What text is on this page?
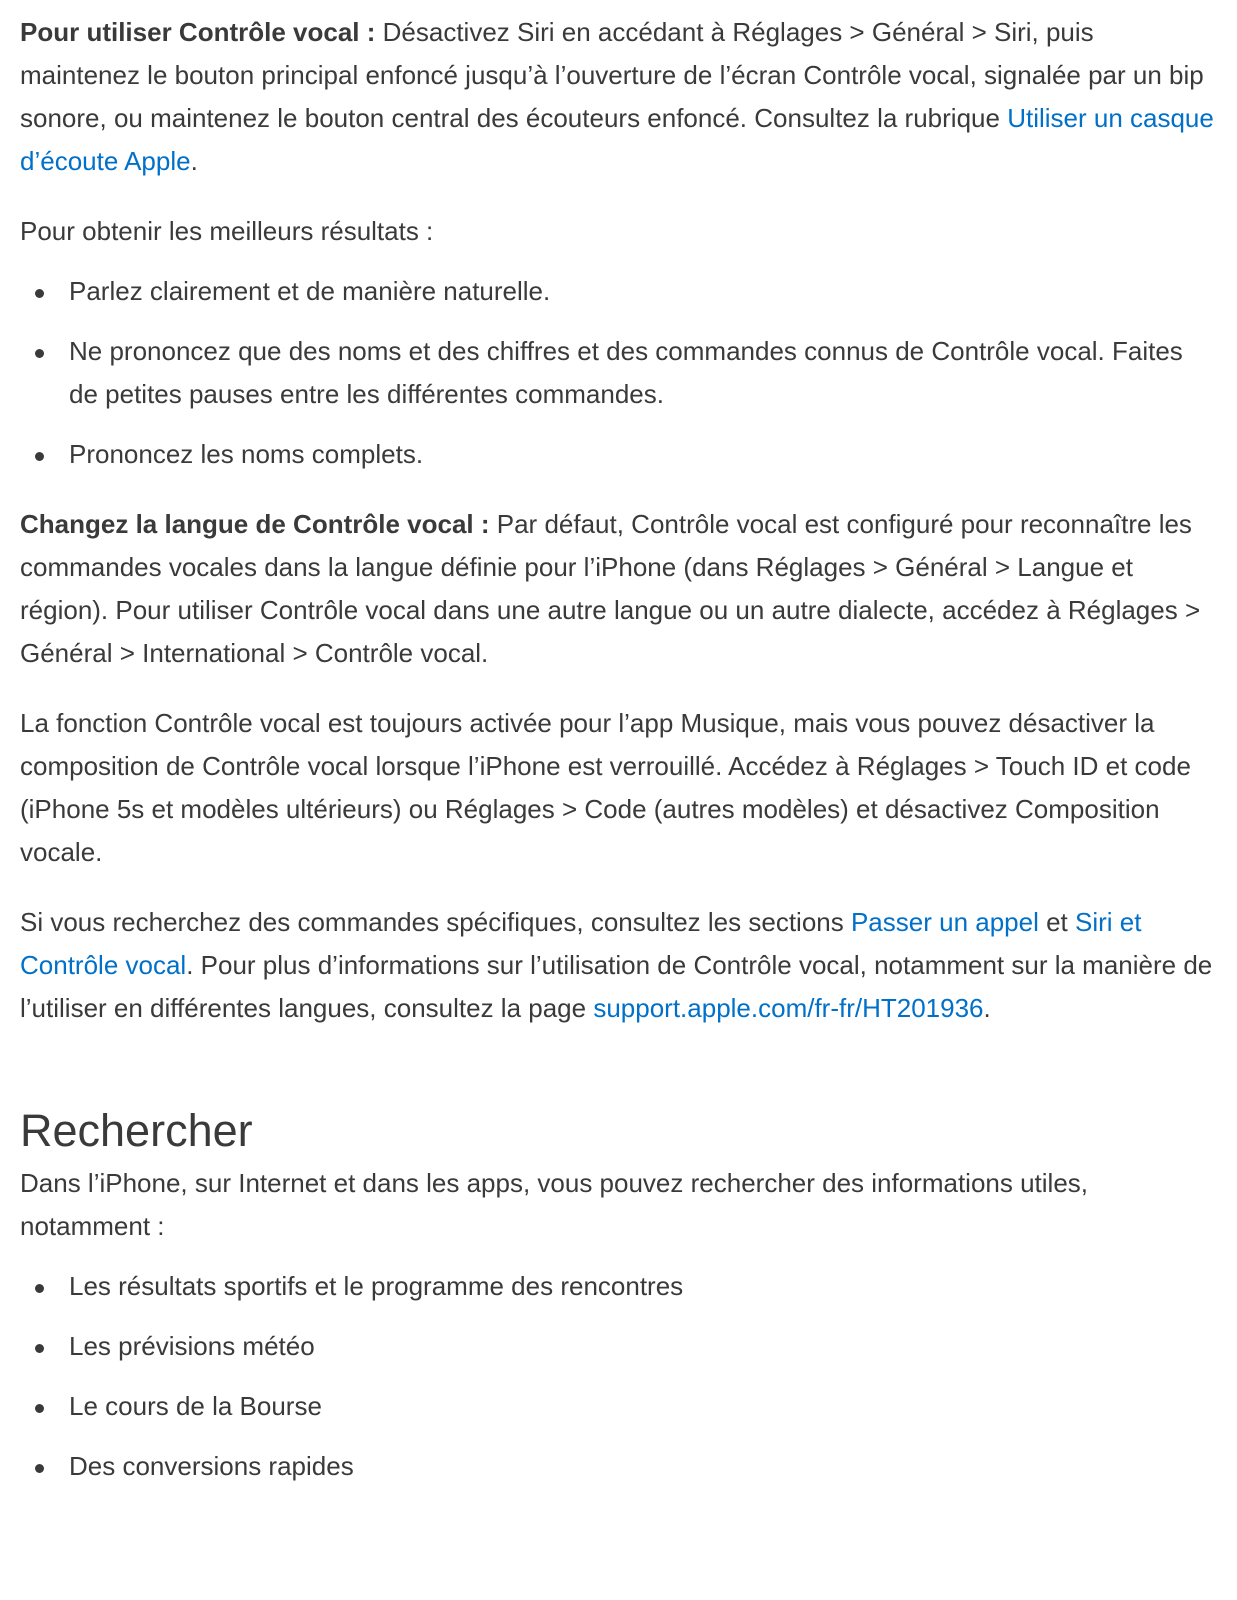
Pour utiliser Contrôle vocal : Désactivez Siri en accédant à Réglages > Général > Siri, puis maintenez le bouton principal enfoncé jusqu’à l’ouverture de l’écran Contrôle vocal, signalée par un bip sonore, ou maintenez le bouton central des écouteurs enfoncé. Consultez la rubrique Utiliser un casque d’écoute Apple.

Pour obtenir les meilleurs résultats :

Parlez clairement et de manière naturelle.
Ne prononcez que des noms et des chiffres et des commandes connus de Contrôle vocal. Faites de petites pauses entre les différentes commandes.
Prononcez les noms complets.

Changez la langue de Contrôle vocal : Par défaut, Contrôle vocal est configuré pour reconnaître les commandes vocales dans la langue définie pour l’iPhone (dans Réglages > Général > Langue et région). Pour utiliser Contrôle vocal dans une autre langue ou un autre dialecte, accédez à Réglages > Général > International > Contrôle vocal.

La fonction Contrôle vocal est toujours activée pour l’app Musique, mais vous pouvez désactiver la composition de Contrôle vocal lorsque l’iPhone est verrouillé. Accédez à Réglages > Touch ID et code (iPhone 5s et modèles ultérieurs) ou Réglages > Code (autres modèles) et désactivez Composition vocale.

Si vous recherchez des commandes spécifiques, consultez les sections Passer un appel et Siri et Contrôle vocal. Pour plus d’informations sur l’utilisation de Contrôle vocal, notamment sur la manière de l’utiliser en différentes langues, consultez la page support.apple.com/fr-fr/HT201936.

Rechercher

Dans l’iPhone, sur Internet et dans les apps, vous pouvez rechercher des informations utiles, notamment :

Les résultats sportifs et le programme des rencontres
Les prévisions météo
Le cours de la Bourse
Des conversions rapides
